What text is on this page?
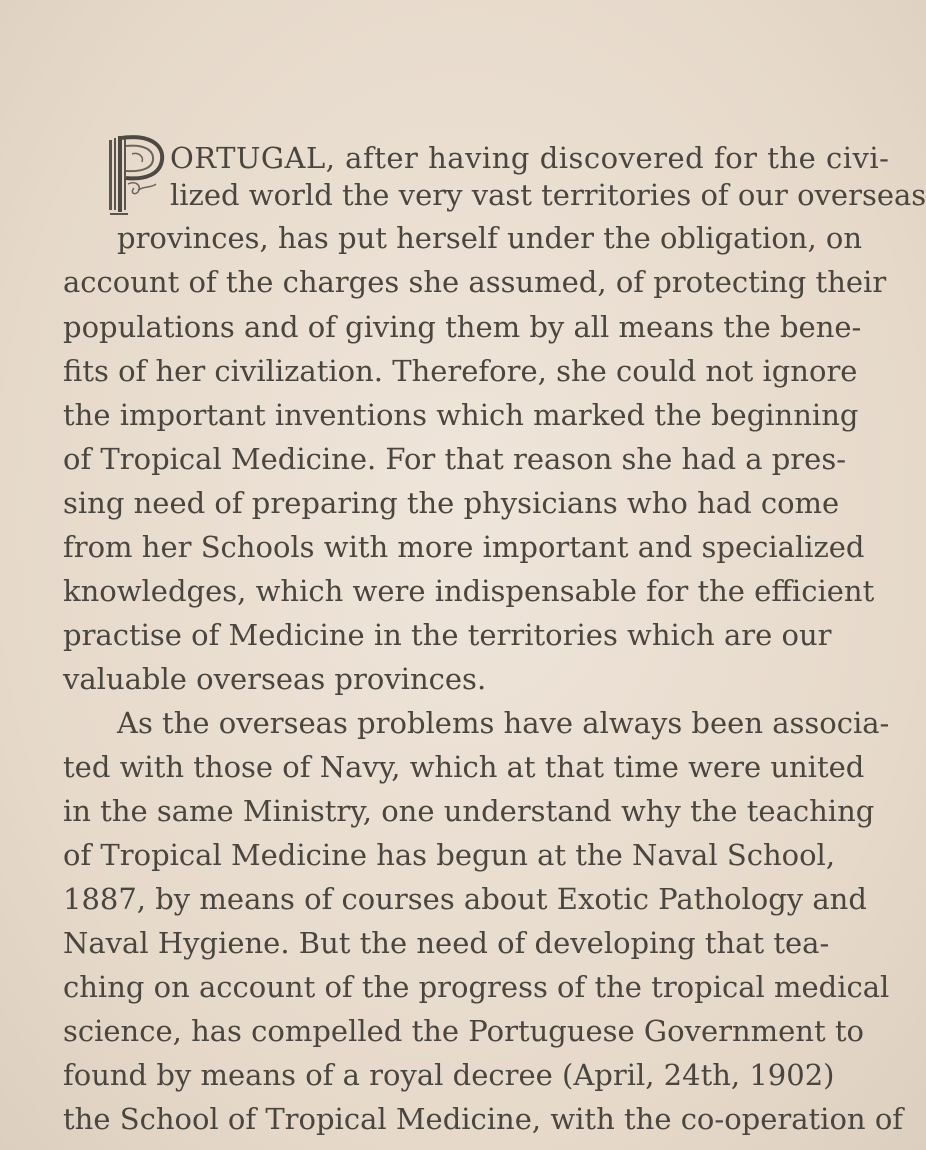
ORTUGAL, after having discovered for the civi-

lized world the very vast territories of our overseas

provinces, has put herself under the obligation, on

account of the charges she assumed, of protecting their

populations and of giving them by all means the bene-

fits of her civilization. Therefore, she could not ignore

the important inventions which marked the beginning

of Tropical Medicine. For that reason she had a pres-

sing need of preparing the physicians who had come

from her Schools with more important and specialized

knowledges, which were indispensable for the efficient

practise of Medicine in the territories which are our

valuable overseas provinces.

As the overseas problems have always been associa-

ted with those of Navy, which at that time were united

in the same Ministry, one understand why the teaching

of Tropical Medicine has begun at the Naval School,

1887, by means of courses about Exotic Pathology and

Naval Hygiene. But the need of developing that tea-

ching on account of the progress of the tropical medical

science, has compelled the Portuguese Government to

found by means of a royal decree (April, 24th, 1902)

the School of Tropical Medicine, with the co-operation of
